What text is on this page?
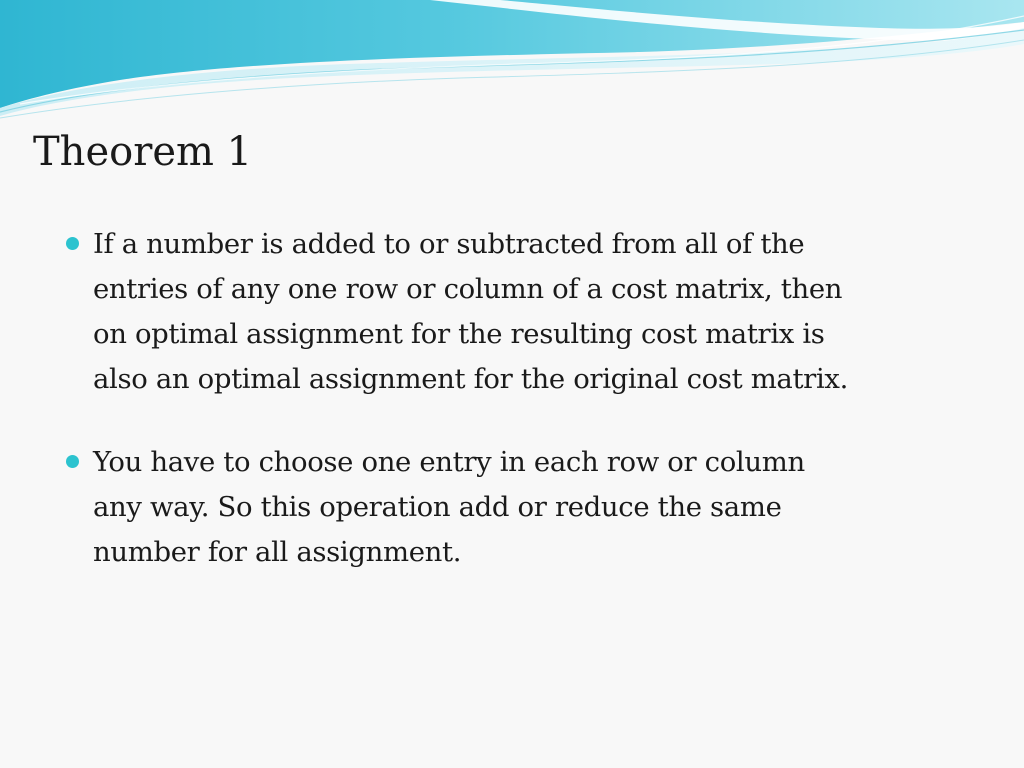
Theorem 1
If a number is added to or subtracted from all of the
entries of any one row or column of a cost matrix, then
on optimal assignment for the resulting cost matrix is
also an optimal assignment for the original cost matrix.
You have to choose one entry in each row or column
any way. So this operation add or reduce the same
number for all assignment.
